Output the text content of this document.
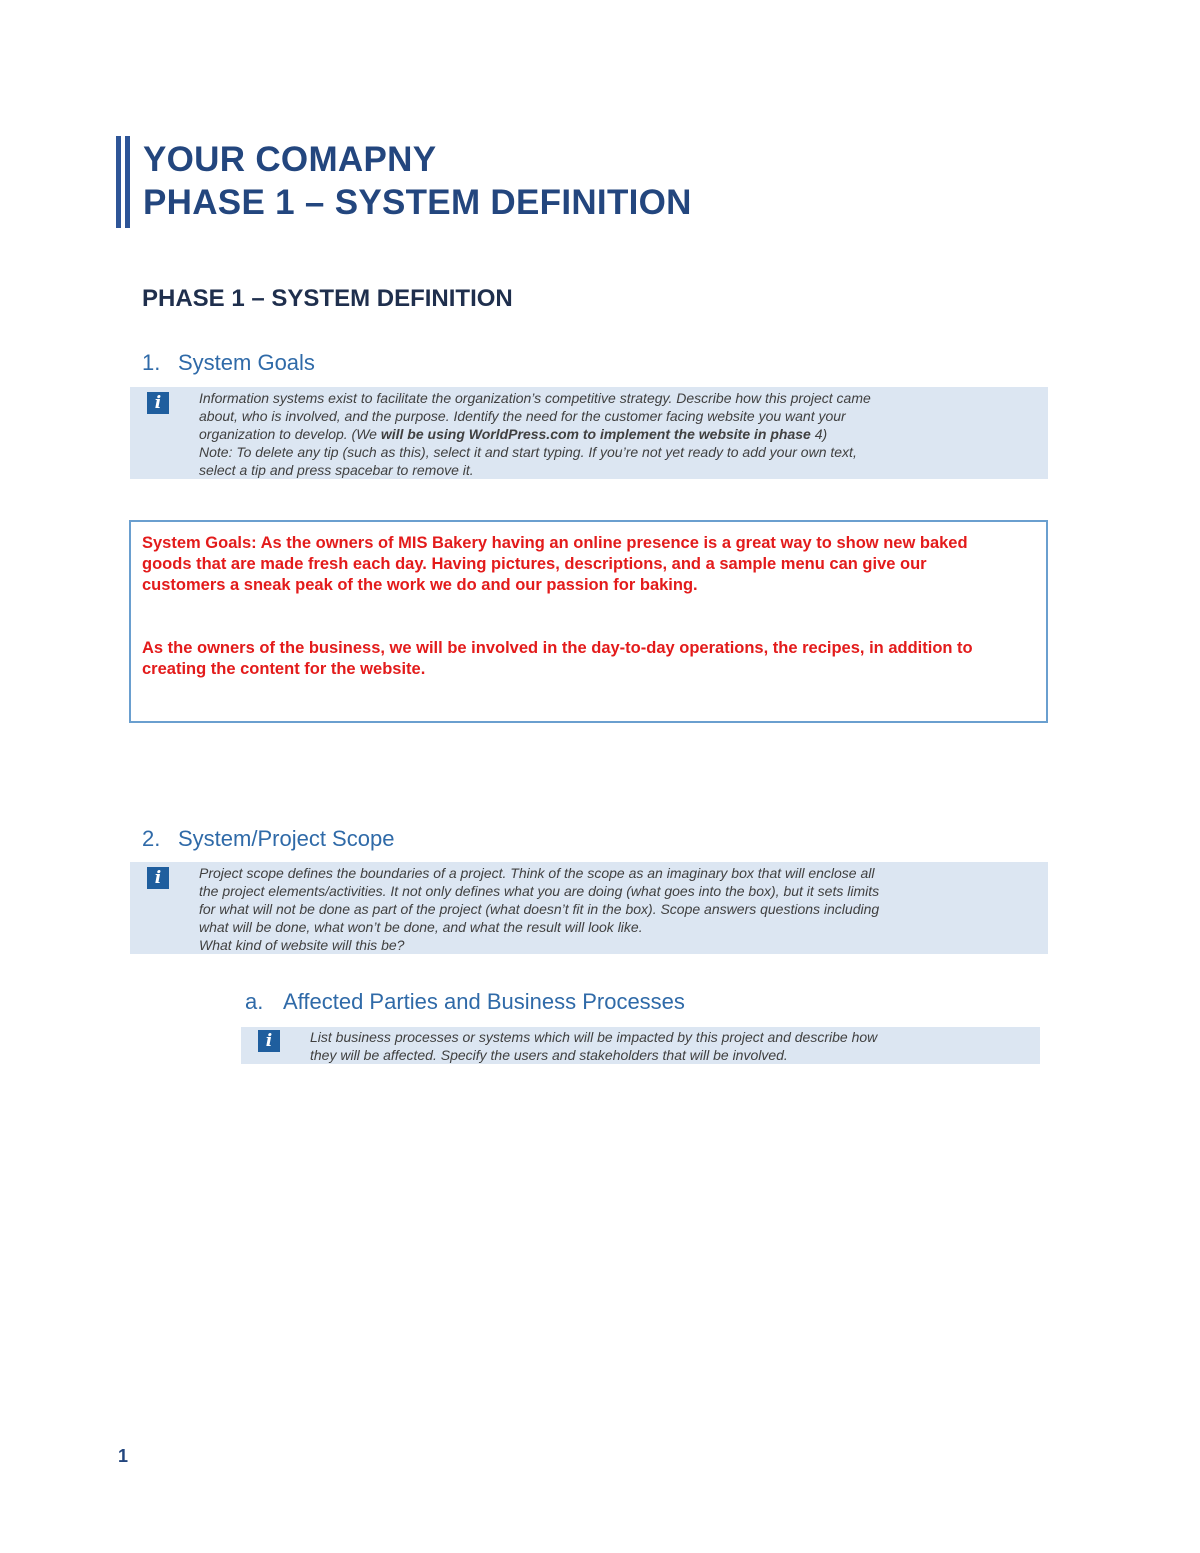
YOUR COMAPNY
PHASE 1 – SYSTEM DEFINITION
PHASE 1 – SYSTEM DEFINITION
1. System Goals
i	Information systems exist to facilitate the organization’s competitive strategy. Describe how this project came
about, who is involved, and the purpose. Identify the need for the customer facing website you want your
organization to develop. (We will be using WorldPress.com to implement the website in phase 4)
Note: To delete any tip (such as this), select it and start typing. If you’re not yet ready to add your own text,
select a tip and press spacebar to remove it.
System Goals: As the owners of MIS Bakery having an online presence is a great way to show new baked
goods that are made fresh each day. Having pictures, descriptions, and a sample menu can give our
customers a sneak peak of the work we do and our passion for baking.
As the owners of the business, we will be involved in the day-to-day operations, the recipes, in addition to
creating the content for the website.
2. System/Project Scope
i	Project scope defines the boundaries of a project. Think of the scope as an imaginary box that will enclose all
the project elements/activities. It not only defines what you are doing (what goes into the box), but it sets limits
for what will not be done as part of the project (what doesn’t fit in the box). Scope answers questions including
what will be done, what won’t be done, and what the result will look like.
What kind of website will this be?
a. Affected Parties and Business Processes
i	List business processes or systems which will be impacted by this project and describe how
they will be affected. Specify the users and stakeholders that will be involved.
1
